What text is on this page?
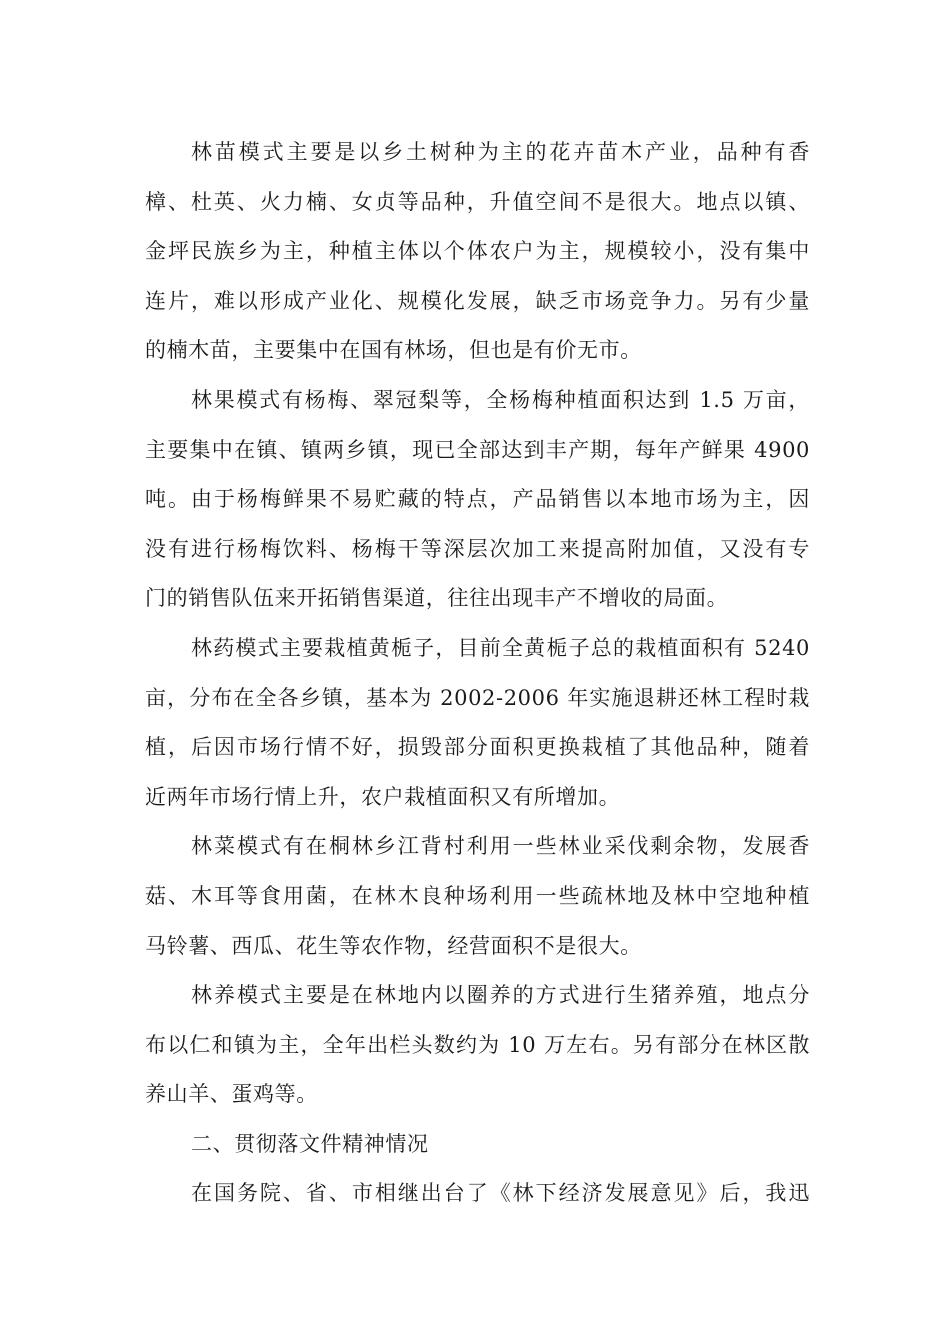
林苗模式主要是以乡土树种为主的花卉苗木产业，品种有香
樟、杜英、火力楠、女贞等品种，升值空间不是很大。地点以镇、
金坪民族乡为主，种植主体以个体农户为主，规模较小，没有集中
连片，难以形成产业化、规模化发展，缺乏市场竞争力。另有少量
的楠木苗，主要集中在国有林场，但也是有价无市。
林果模式有杨梅、翠冠梨等，全杨梅种植面积达到 1.5 万亩，
主要集中在镇、镇两乡镇，现已全部达到丰产期，每年产鲜果 4900
吨。由于杨梅鲜果不易贮藏的特点，产品销售以本地市场为主，因
没有进行杨梅饮料、杨梅干等深层次加工来提高附加值，又没有专
门的销售队伍来开拓销售渠道，往往出现丰产不增收的局面。
林药模式主要栽植黄栀子，目前全黄栀子总的栽植面积有 5240
亩，分布在全各乡镇，基本为 2002-2006 年实施退耕还林工程时栽
植，后因市场行情不好，损毁部分面积更换栽植了其他品种，随着
近两年市场行情上升，农户栽植面积又有所增加。
林菜模式有在桐林乡江背村利用一些林业采伐剩余物，发展香
菇、木耳等食用菌，在林木良种场利用一些疏林地及林中空地种植
马铃薯、西瓜、花生等农作物，经营面积不是很大。
林养模式主要是在林地内以圈养的方式进行生猪养殖，地点分
布以仁和镇为主，全年出栏头数约为 10 万左右。另有部分在林区散
养山羊、蛋鸡等。
二、贯彻落文件精神情况
在国务院、省、市相继出台了《林下经济发展意见》后，我迅
